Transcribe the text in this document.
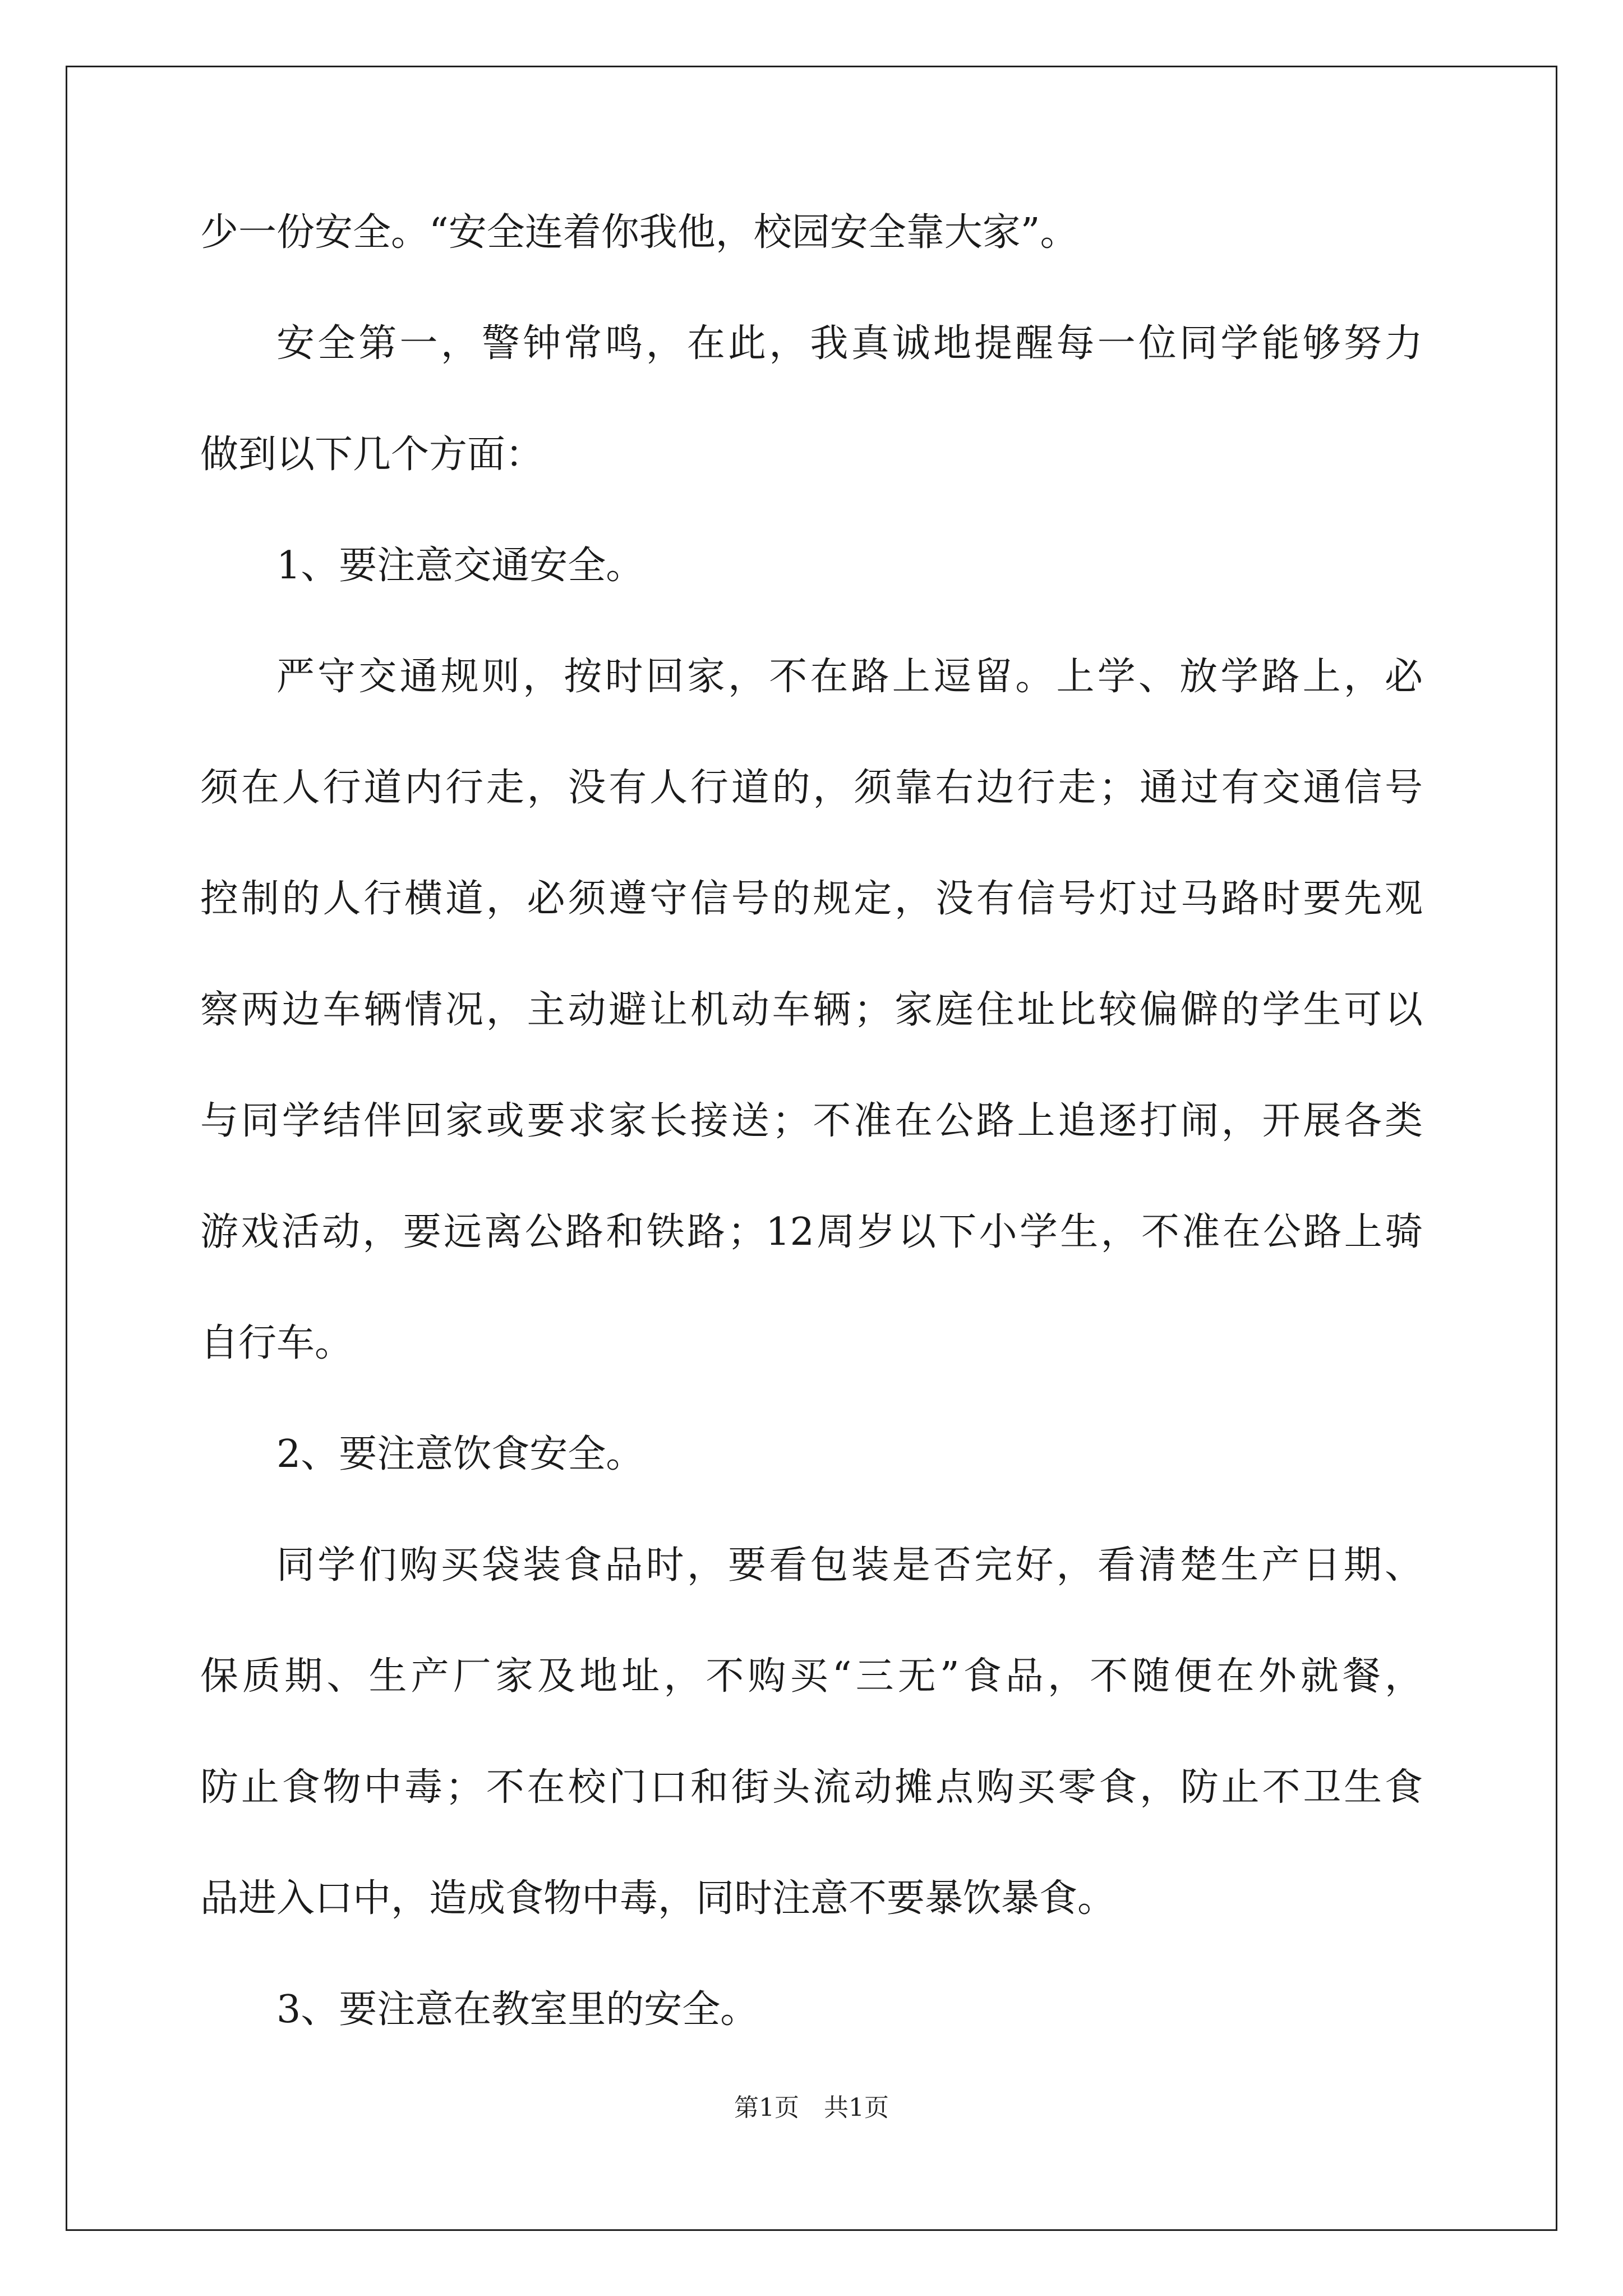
少一份安全。“安全连着你我他，校园安全靠大家”。
安全第一，警钟常鸣，在此，我真诚地提醒每一位同学能够努力
做到以下几个方面：
1、要注意交通安全。
严守交通规则，按时回家，不在路上逗留。上学、放学路上，必
须在人行道内行走，没有人行道的，须靠右边行走；通过有交通信号
控制的人行横道，必须遵守信号的规定，没有信号灯过马路时要先观
察两边车辆情况，主动避让机动车辆；家庭住址比较偏僻的学生可以
与同学结伴回家或要求家长接送；不准在公路上追逐打闹，开展各类
游戏活动，要远离公路和铁路；12周岁以下小学生，不准在公路上骑
自行车。
2、要注意饮食安全。
同学们购买袋装食品时，要看包装是否完好，看清楚生产日期、
保质期、生产厂家及地址，不购买“三无”食品，不随便在外就餐，
防止食物中毒；不在校门口和街头流动摊点购买零食，防止不卫生食
品进入口中，造成食物中毒，同时注意不要暴饮暴食。
3、要注意在教室里的安全。
第1页　共1页
